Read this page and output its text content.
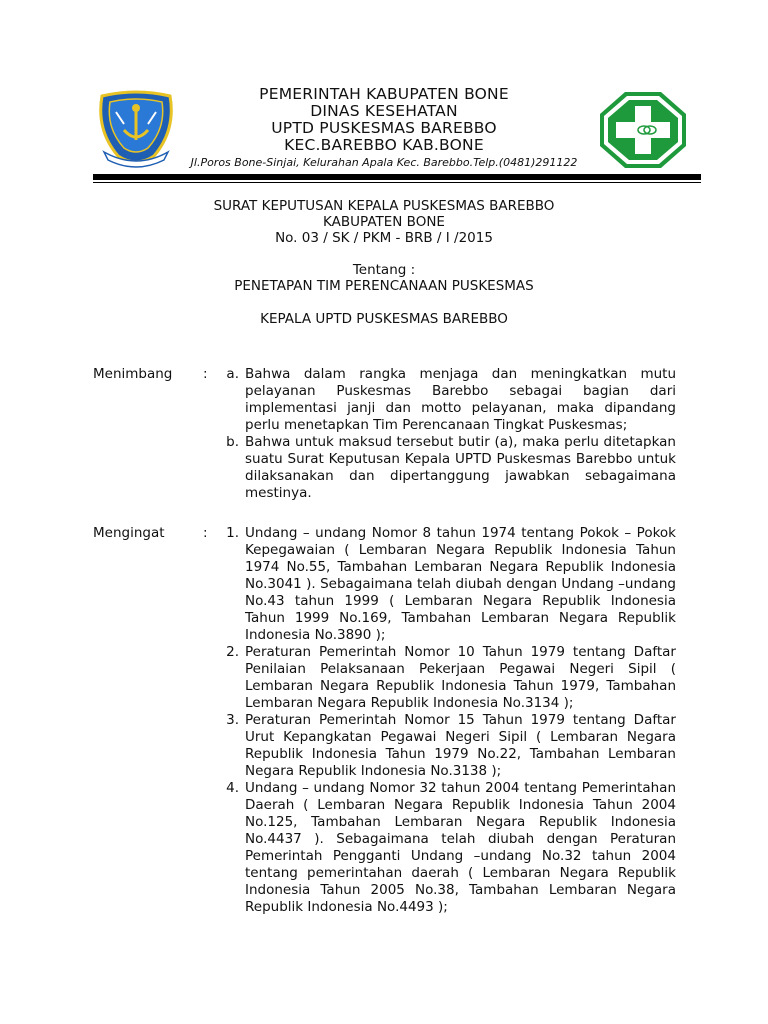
PEMERINTAH KABUPATEN BONE
DINAS KESEHATAN
UPTD PUSKESMAS BAREBBO
KEC.BAREBBO KAB.BONE
Jl.Poros Bone-Sinjai, Kelurahan Apala Kec. Barebbo.Telp.(0481)291122
SURAT KEPUTUSAN KEPALA PUSKESMAS BAREBBO
KABUPATEN BONE
No. 03 / SK / PKM - BRB / I /2015
Tentang :
PENETAPAN TIM PERENCANAAN PUSKESMAS
KEPALA UPTD PUSKESMAS BAREBBO
Menimbang	:	a. Bahwa dalam rangka menjaga dan meningkatkan mutu pelayanan Puskesmas Barebbo sebagai bagian dari implementasi janji dan motto pelayanan, maka dipandang perlu menetapkan Tim Perencanaan Tingkat Puskesmas;
b. Bahwa untuk maksud tersebut butir (a), maka perlu ditetapkan suatu Surat Keputusan Kepala UPTD Puskesmas Barebbo untuk dilaksanakan dan dipertanggung jawabkan sebagaimana mestinya.
Mengingat	:	1. Undang – undang Nomor 8 tahun 1974 tentang Pokok – Pokok Kepegawaian ( Lembaran Negara Republik Indonesia Tahun 1974 No.55, Tambahan Lembaran Negara Republik Indonesia No.3041 ). Sebagaimana telah diubah dengan Undang –undang No.43 tahun 1999 ( Lembaran Negara Republik Indonesia Tahun 1999 No.169, Tambahan Lembaran Negara Republik Indonesia No.3890 );
2. Peraturan Pemerintah Nomor 10 Tahun 1979 tentang Daftar Penilaian Pelaksanaan Pekerjaan Pegawai Negeri Sipil ( Lembaran Negara Republik Indonesia Tahun 1979, Tambahan Lembaran Negara Republik Indonesia No.3134 );
3. Peraturan Pemerintah Nomor 15 Tahun 1979 tentang Daftar Urut Kepangkatan Pegawai Negeri Sipil ( Lembaran Negara Republik Indonesia Tahun 1979 No.22, Tambahan Lembaran Negara Republik Indonesia No.3138 );
4. Undang – undang Nomor 32 tahun 2004 tentang Pemerintahan Daerah ( Lembaran Negara Republik Indonesia Tahun 2004 No.125, Tambahan Lembaran Negara Republik Indonesia No.4437 ). Sebagaimana telah diubah dengan Peraturan Pemerintah Pengganti Undang –undang No.32 tahun 2004 tentang pemerintahan daerah ( Lembaran Negara Republik Indonesia Tahun 2005 No.38, Tambahan Lembaran Negara Republik Indonesia No.4493 );
